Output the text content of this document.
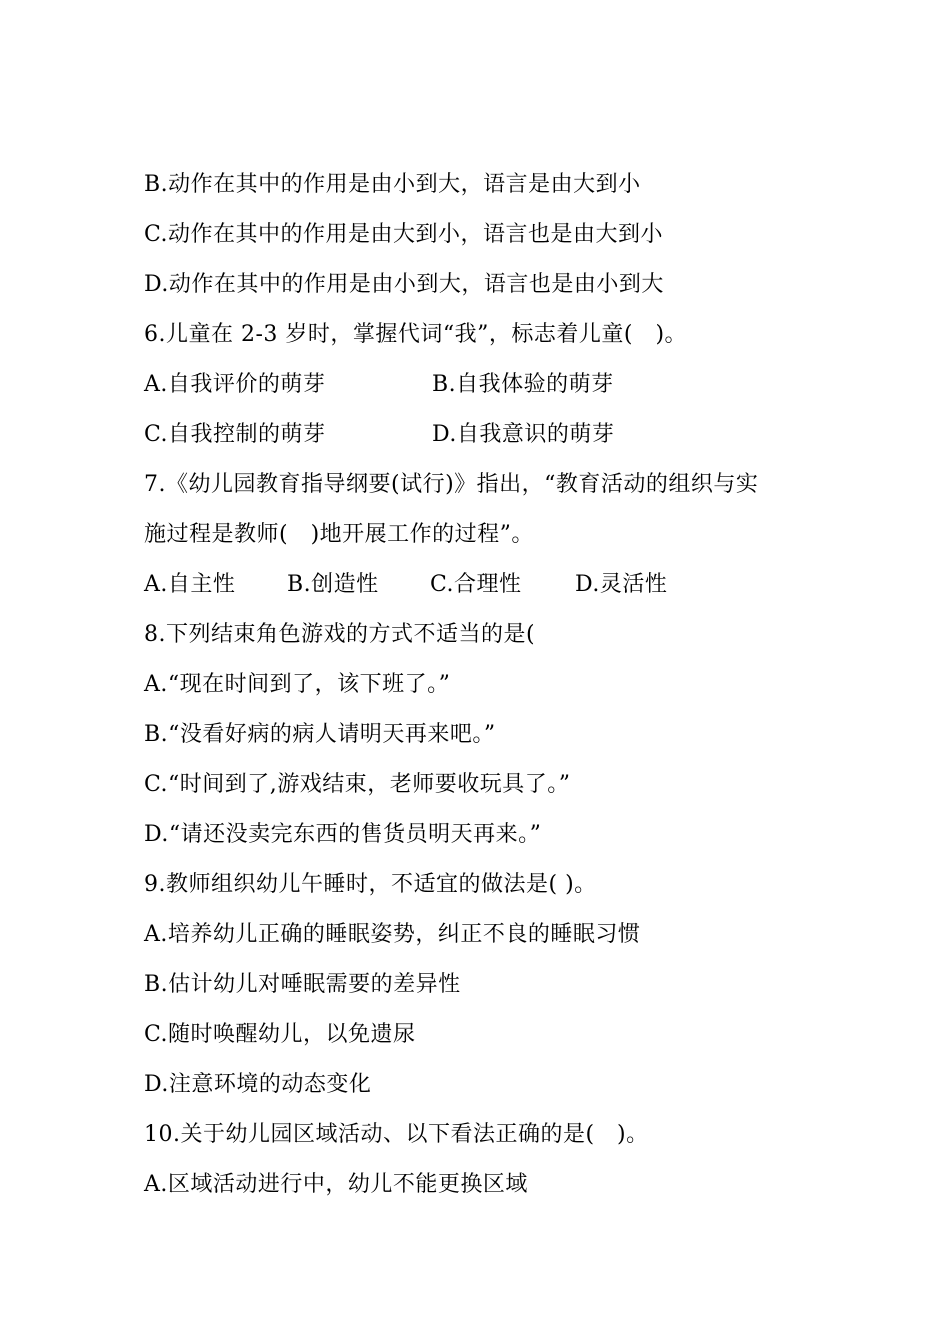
B.动作在其中的作用是由小到大，语言是由大到小
C.动作在其中的作用是由大到小，语言也是由大到小
D.动作在其中的作用是由小到大，语言也是由小到大
6.儿童在 2-3 岁时，掌握代词“我”，标志着儿童(   )。
A.自我评价的萌芽	B.自我体验的萌芽
C.自我控制的萌芽	D.自我意识的萌芽
7.《幼儿园教育指导纲要(试行)》指出，“教育活动的组织与实
施过程是教师(   )地开展工作的过程”。
A.自主性	B.创造性	C.合理性	D.灵活性
8.下列结束角色游戏的方式不适当的是(
A.“现在时间到了，该下班了。”
B.“没看好病的病人请明天再来吧。”
C.“时间到了,游戏结束，老师要收玩具了。”
D.“请还没卖完东西的售货员明天再来。”
9.教师组织幼儿午睡时，不适宜的做法是( )。
A.培养幼儿正确的睡眠姿势，纠正不良的睡眠习惯
B.估计幼儿对唾眠需要的差异性
C.随时唤醒幼儿，以免遗尿
D.注意环境的动态变化
10.关于幼儿园区域活动、以下看法正确的是(   )。
A.区域活动进行中，幼儿不能更换区域
